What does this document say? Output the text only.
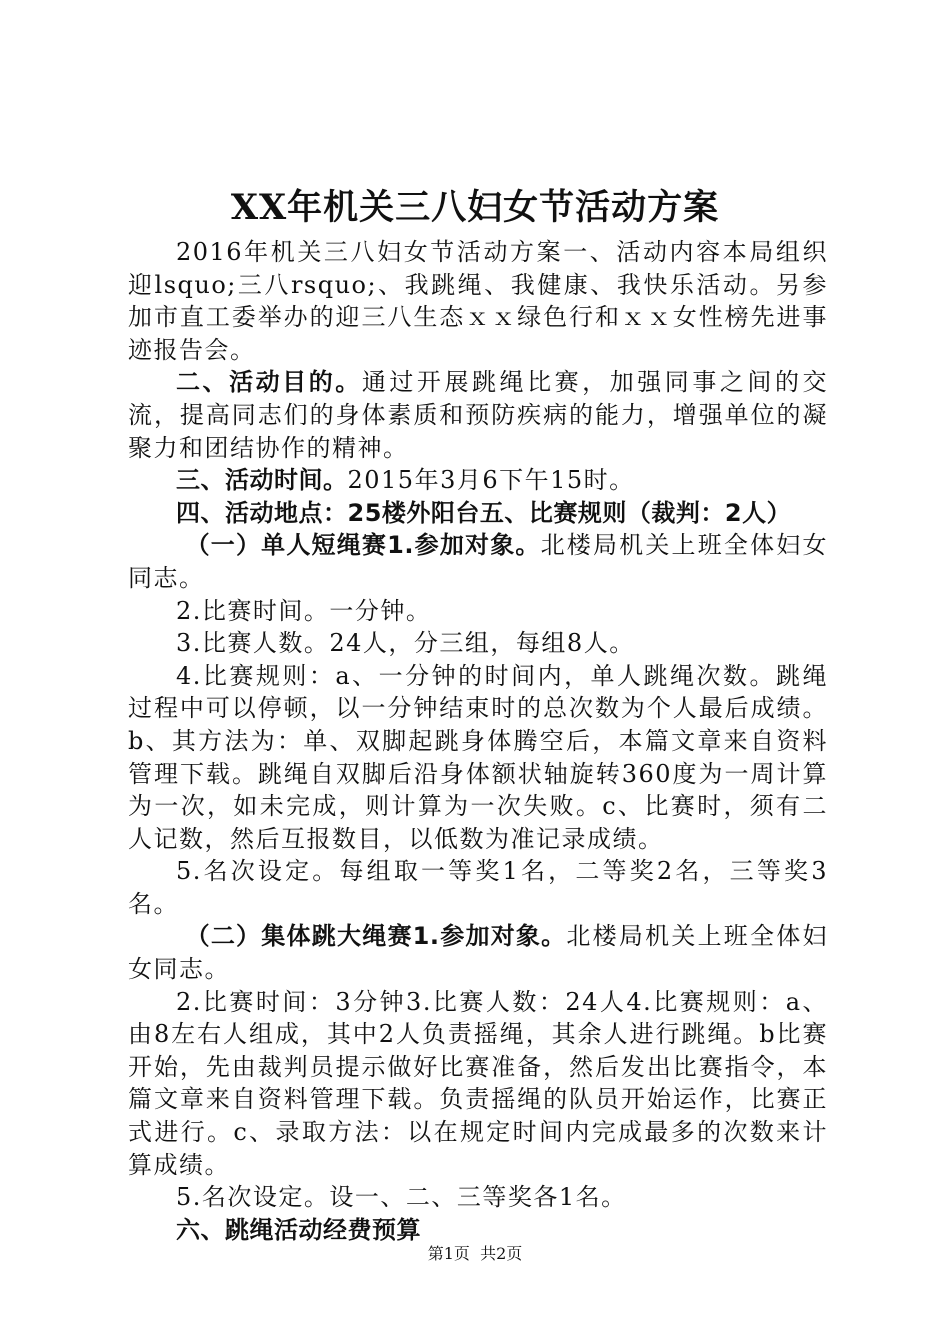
XX年机关三八妇女节活动方案

2016年机关三八妇女节活动方案一、活动内容本局组织迎lsquo;三八rsquo;、我跳绳、我健康、我快乐活动。另参加市直工委举办的迎三八生态ｘｘ绿色行和ｘｘ女性榜先进事迹报告会。

二、活动目的。通过开展跳绳比赛，加强同事之间的交流，提高同志们的身体素质和预防疾病的能力，增强单位的凝聚力和团结协作的精神。

三、活动时间。2015年3月6下午15时。

四、活动地点：25楼外阳台五、比赛规则（裁判：2人）

（一）单人短绳赛1.参加对象。北楼局机关上班全体妇女同志。

2.比赛时间。一分钟。

3.比赛人数。24人，分三组，每组8人。

4.比赛规则：a、一分钟的时间内，单人跳绳次数。跳绳过程中可以停顿，以一分钟结束时的总次数为个人最后成绩。b、其方法为：单、双脚起跳身体腾空后，本篇文章来自资料管理下载。跳绳自双脚后沿身体额状轴旋转360度为一周计算为一次，如未完成，则计算为一次失败。c、比赛时，须有二人记数，然后互报数目，以低数为准记录成绩。

5.名次设定。每组取一等奖1名，二等奖2名，三等奖3名。

（二）集体跳大绳赛1.参加对象。北楼局机关上班全体妇女同志。

2.比赛时间：3分钟3.比赛人数：24人4.比赛规则：a、由8左右人组成，其中2人负责摇绳，其余人进行跳绳。b比赛开始，先由裁判员提示做好比赛准备，然后发出比赛指令，本篇文章来自资料管理下载。负责摇绳的队员开始运作，比赛正式进行。c、录取方法：以在规定时间内完成最多的次数来计算成绩。

5.名次设定。设一、二、三等奖各1名。

六、跳绳活动经费预算

第1页  共2页
